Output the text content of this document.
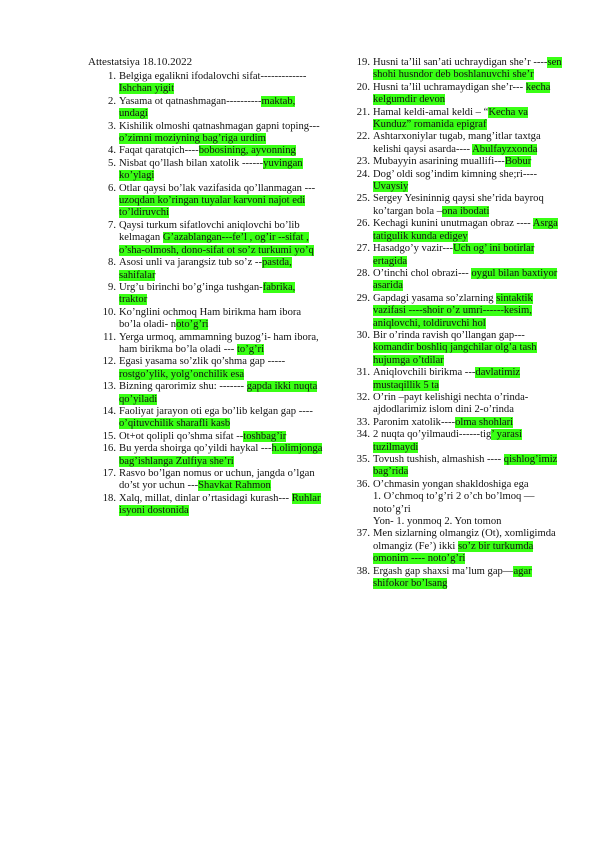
Attestatsiya 18.10.2022
1. Belgiga egalikni ifodalovchi sifat-------------Ishchan yigit
2. Yasama ot qatnashmagan----------maktab, undagi
3. Kishilik olmoshi qatnashmagan gapni toping--- o’zimni moziyning bag’riga urdim
4. Faqat qaratqich----bobosining, ayvonning
5. Nisbat qo’llash bilan xatolik ------yuvingan ko’ylagi
6. Otlar qaysi bo’lak vazifasida qo’llanmagan --- uzoqdan ko’ringan tuyalar karvoni najot edi to’ldiruvchi
7. Qaysi turkum sifatlovchi aniqlovchi bo’lib kelmagan G’azablangan---fe’l , og’ir --sifat , o’sha-olmosh, dono-sifat ot so’z turkumi yo’q
8. Asosi unli va jarangsiz tub so’z --pastda, sahifalar
9. Urg’u birinchi bo’g’inga tushgan-fabrika, traktor
10. Ko’nglini ochmoq Ham birikma ham ibora bo’la oladi- noto’g’ri
11. Yerga urmoq, ammamning buzog’i- ham ibora, ham birikma bo’la oladi --- to’g’ri
12. Egasi yasama so’zlik qo’shma gap -----rostgo’ylik, yolg’onchilik esa
13. Bizning qarorimiz shu: ------- gapda ikki nuqta qo’yiladi
14. Faoliyat jarayon oti ega bo’lib kelgan gap ----o’qituvchilik sharafli kasb
15. Ot+ot qolipli qo’shma sifat --toshbag’ir
16. Bu yerda shoirga qo’yildi haykal ---h.olimjonga bag’ishlanga Zulfiya she’ri
17. Rasvo bo’lgan nomus or uchun, jangda o’lgan do’st yor uchun ---Shavkat Rahmon
18. Xalq, millat, dinlar o’rtasidagi kurash--- Ruhlar isyoni dostonida
19. Husni ta’lil san’ati uchraydigan she’r ----sen shohi husndor deb boshlanuvchi she’r
20. Husni ta’lil uchramaydigan she’r--- kecha kelgumdir devon
21. Hamal keldi-amal keldi – “Kecha va Kunduz” romanida epigraf
22. Ashtarxoniylar tugab, mang’itlar taxtga kelishi qaysi asarda---- Abulfayzxonda
23. Mubayyin asarining muallifi---Bobur
24. Dog’ oldi sog’indim kimning she;ri----Uvaysiy
25. Sergey Yesininnig qaysi she’rida bayroq ko’targan bola –ona ibodati
26. Kechagi kunini unutmagan obraz ---- Asrga tatigulik kunda edigey
27. Hasadgo’y vazir---Uch og’ ini botirlar ertagida
28. O’tinchi chol obrazi--- oygul bilan baxtiyor asarida
29. Gapdagi yasama so’zlarning sintaktik vazifasi ----shoir o’z umri------kesim, aniqlovchi, toldiruvchi hol
30. Bir o’rinda ravish qo’llangan gap--- komandir boshliq jangchilar olg’a tash hujumga o’tdilar
31. Aniqlovchili birikma ---davlatimiz mustaqillik 5 ta
32. O’rin –payt kelishigi nechta o’rinda- ajdodlarimiz islom dini 2-o’rinda
33. Paronim xatolik----olma shohlari
34. 2 nuqta qo’yilmaudi------tig’ yarasi tuzilmaydi
35. Tovush tushish, almashish ---- qishlog’imiz bag’rida
36. O’chmasin yongan shakldoshiga ega
1. O’chmoq to’g’ri 2 o’ch bo’lmoq —noto’g’ri
Yon- 1. yonmoq 2. Yon tomon
37. Men sizlarning olmangiz (Ot), xomligimda olmangiz (Fe’) ikki so’z bir turkumda omonim ---- noto’g’ri
38. Ergash gap shaxsi ma’lum gap—agar shifokor bo’lsang
